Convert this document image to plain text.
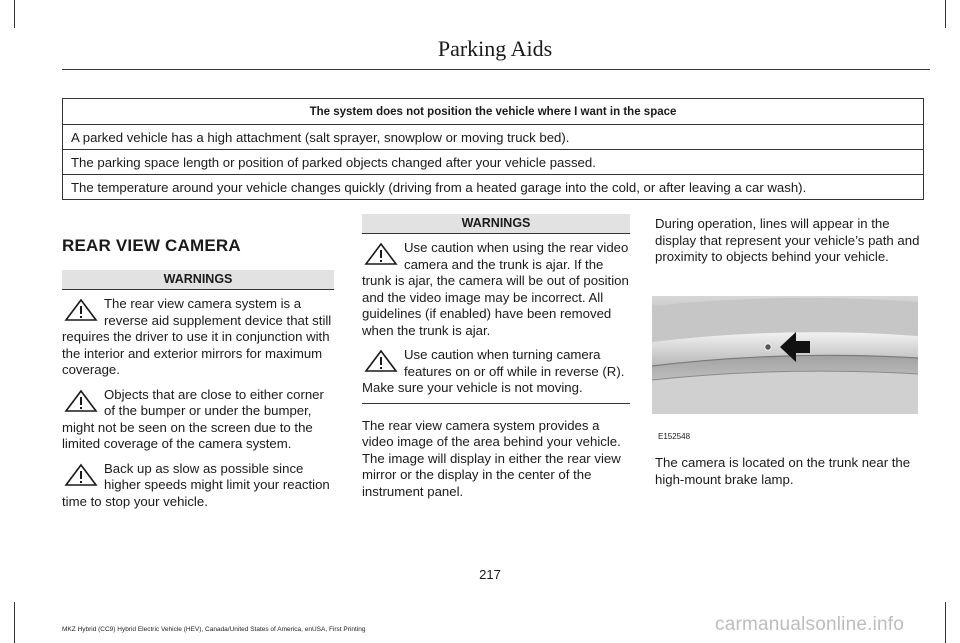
Parking Aids
The system does not position the vehicle where I want in the space
A parked vehicle has a high attachment (salt sprayer, snowplow or moving truck bed).
The parking space length or position of parked objects changed after your vehicle passed.
The temperature around your vehicle changes quickly (driving from a heated garage into the cold, or after leaving a car wash).
REAR VIEW CAMERA
WARNINGS
The rear view camera system is a reverse aid supplement device that still requires the driver to use it in conjunction with the interior and exterior mirrors for maximum coverage.
Objects that are close to either corner of the bumper or under the bumper, might not be seen on the screen due to the limited coverage of the camera system.
Back up as slow as possible since higher speeds might limit your reaction time to stop your vehicle.
WARNINGS
Use caution when using the rear video camera and the trunk is ajar. If the trunk is ajar, the camera will be out of position and the video image may be incorrect. All guidelines (if enabled) have been removed when the trunk is ajar.
Use caution when turning camera features on or off while in reverse (R). Make sure your vehicle is not moving.
The rear view camera system provides a video image of the area behind your vehicle. The image will display in either the rear view mirror or the display in the center of the instrument panel.
During operation, lines will appear in the display that represent your vehicle’s path and proximity to objects behind your vehicle.
E152548
The camera is located on the trunk near the high-mount brake lamp.
217
MKZ Hybrid (CC9) Hybrid Electric Vehicle (HEV), Canada/United States of America, enUSA, First Printing	carmanualsonline.info
